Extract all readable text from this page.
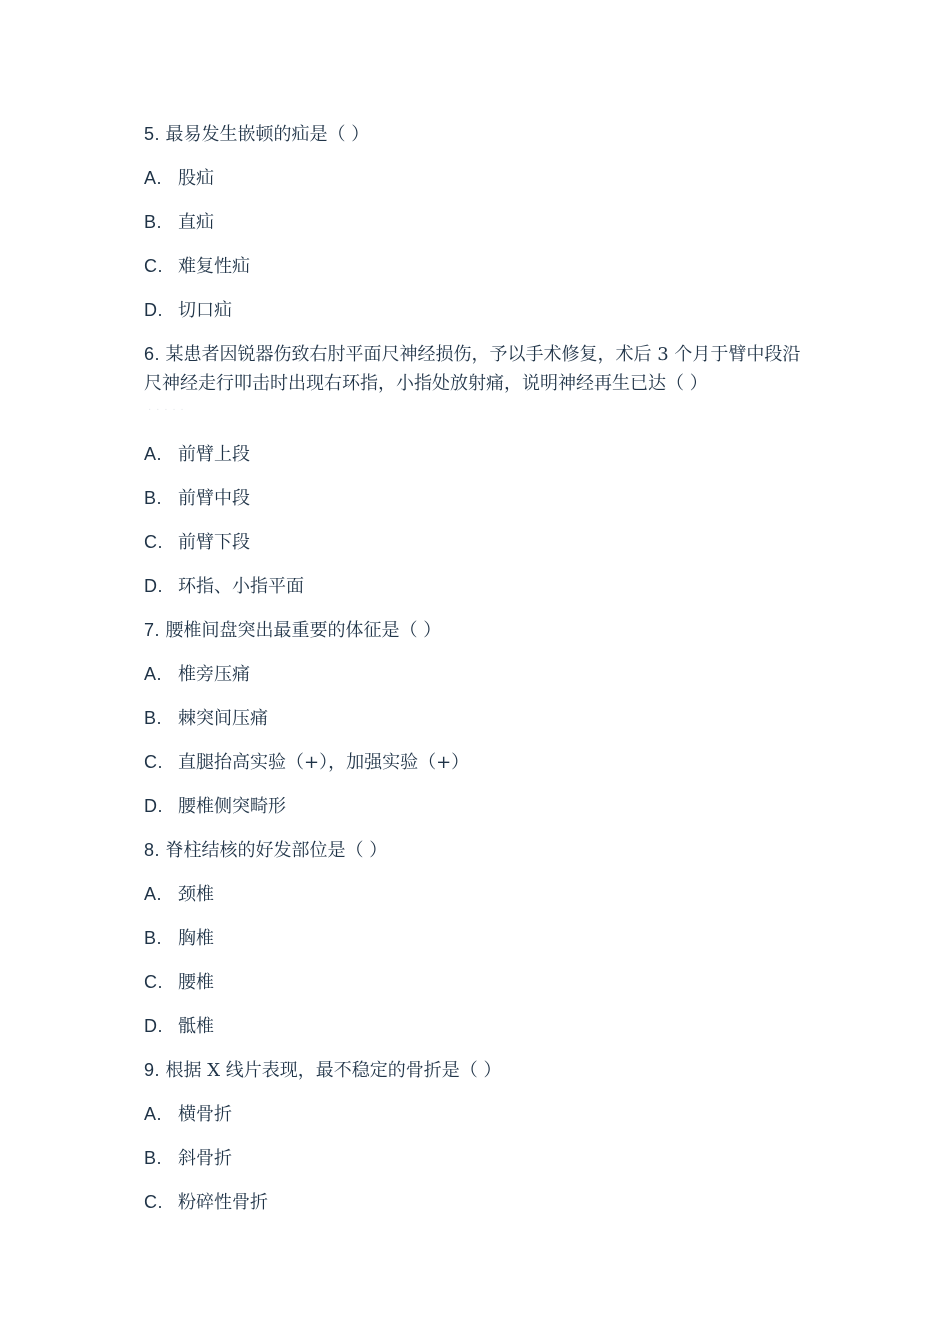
5. 最易发生嵌顿的疝是（ ）
A. 股疝
B. 直疝
C. 难复性疝
D. 切口疝
6. 某患者因锐器伤致右肘平面尺神经损伤，予以手术修复，术后 3 个月于臂中段沿尺神经走行叩击时出现右环指，小指处放射痛，说明神经再生已达（ ）
· · · · ·
A. 前臂上段
B. 前臂中段
C. 前臂下段
D. 环指、小指平面
7. 腰椎间盘突出最重要的体征是（ ）
A. 椎旁压痛
B. 棘突间压痛
C. 直腿抬高实验（+），加强实验（+）
D. 腰椎侧突畸形
8. 脊柱结核的好发部位是（ ）
A. 颈椎
B. 胸椎
C. 腰椎
D. 骶椎
9. 根据 X 线片表现，最不稳定的骨折是（ ）
A. 横骨折
B. 斜骨折
C. 粉碎性骨折
